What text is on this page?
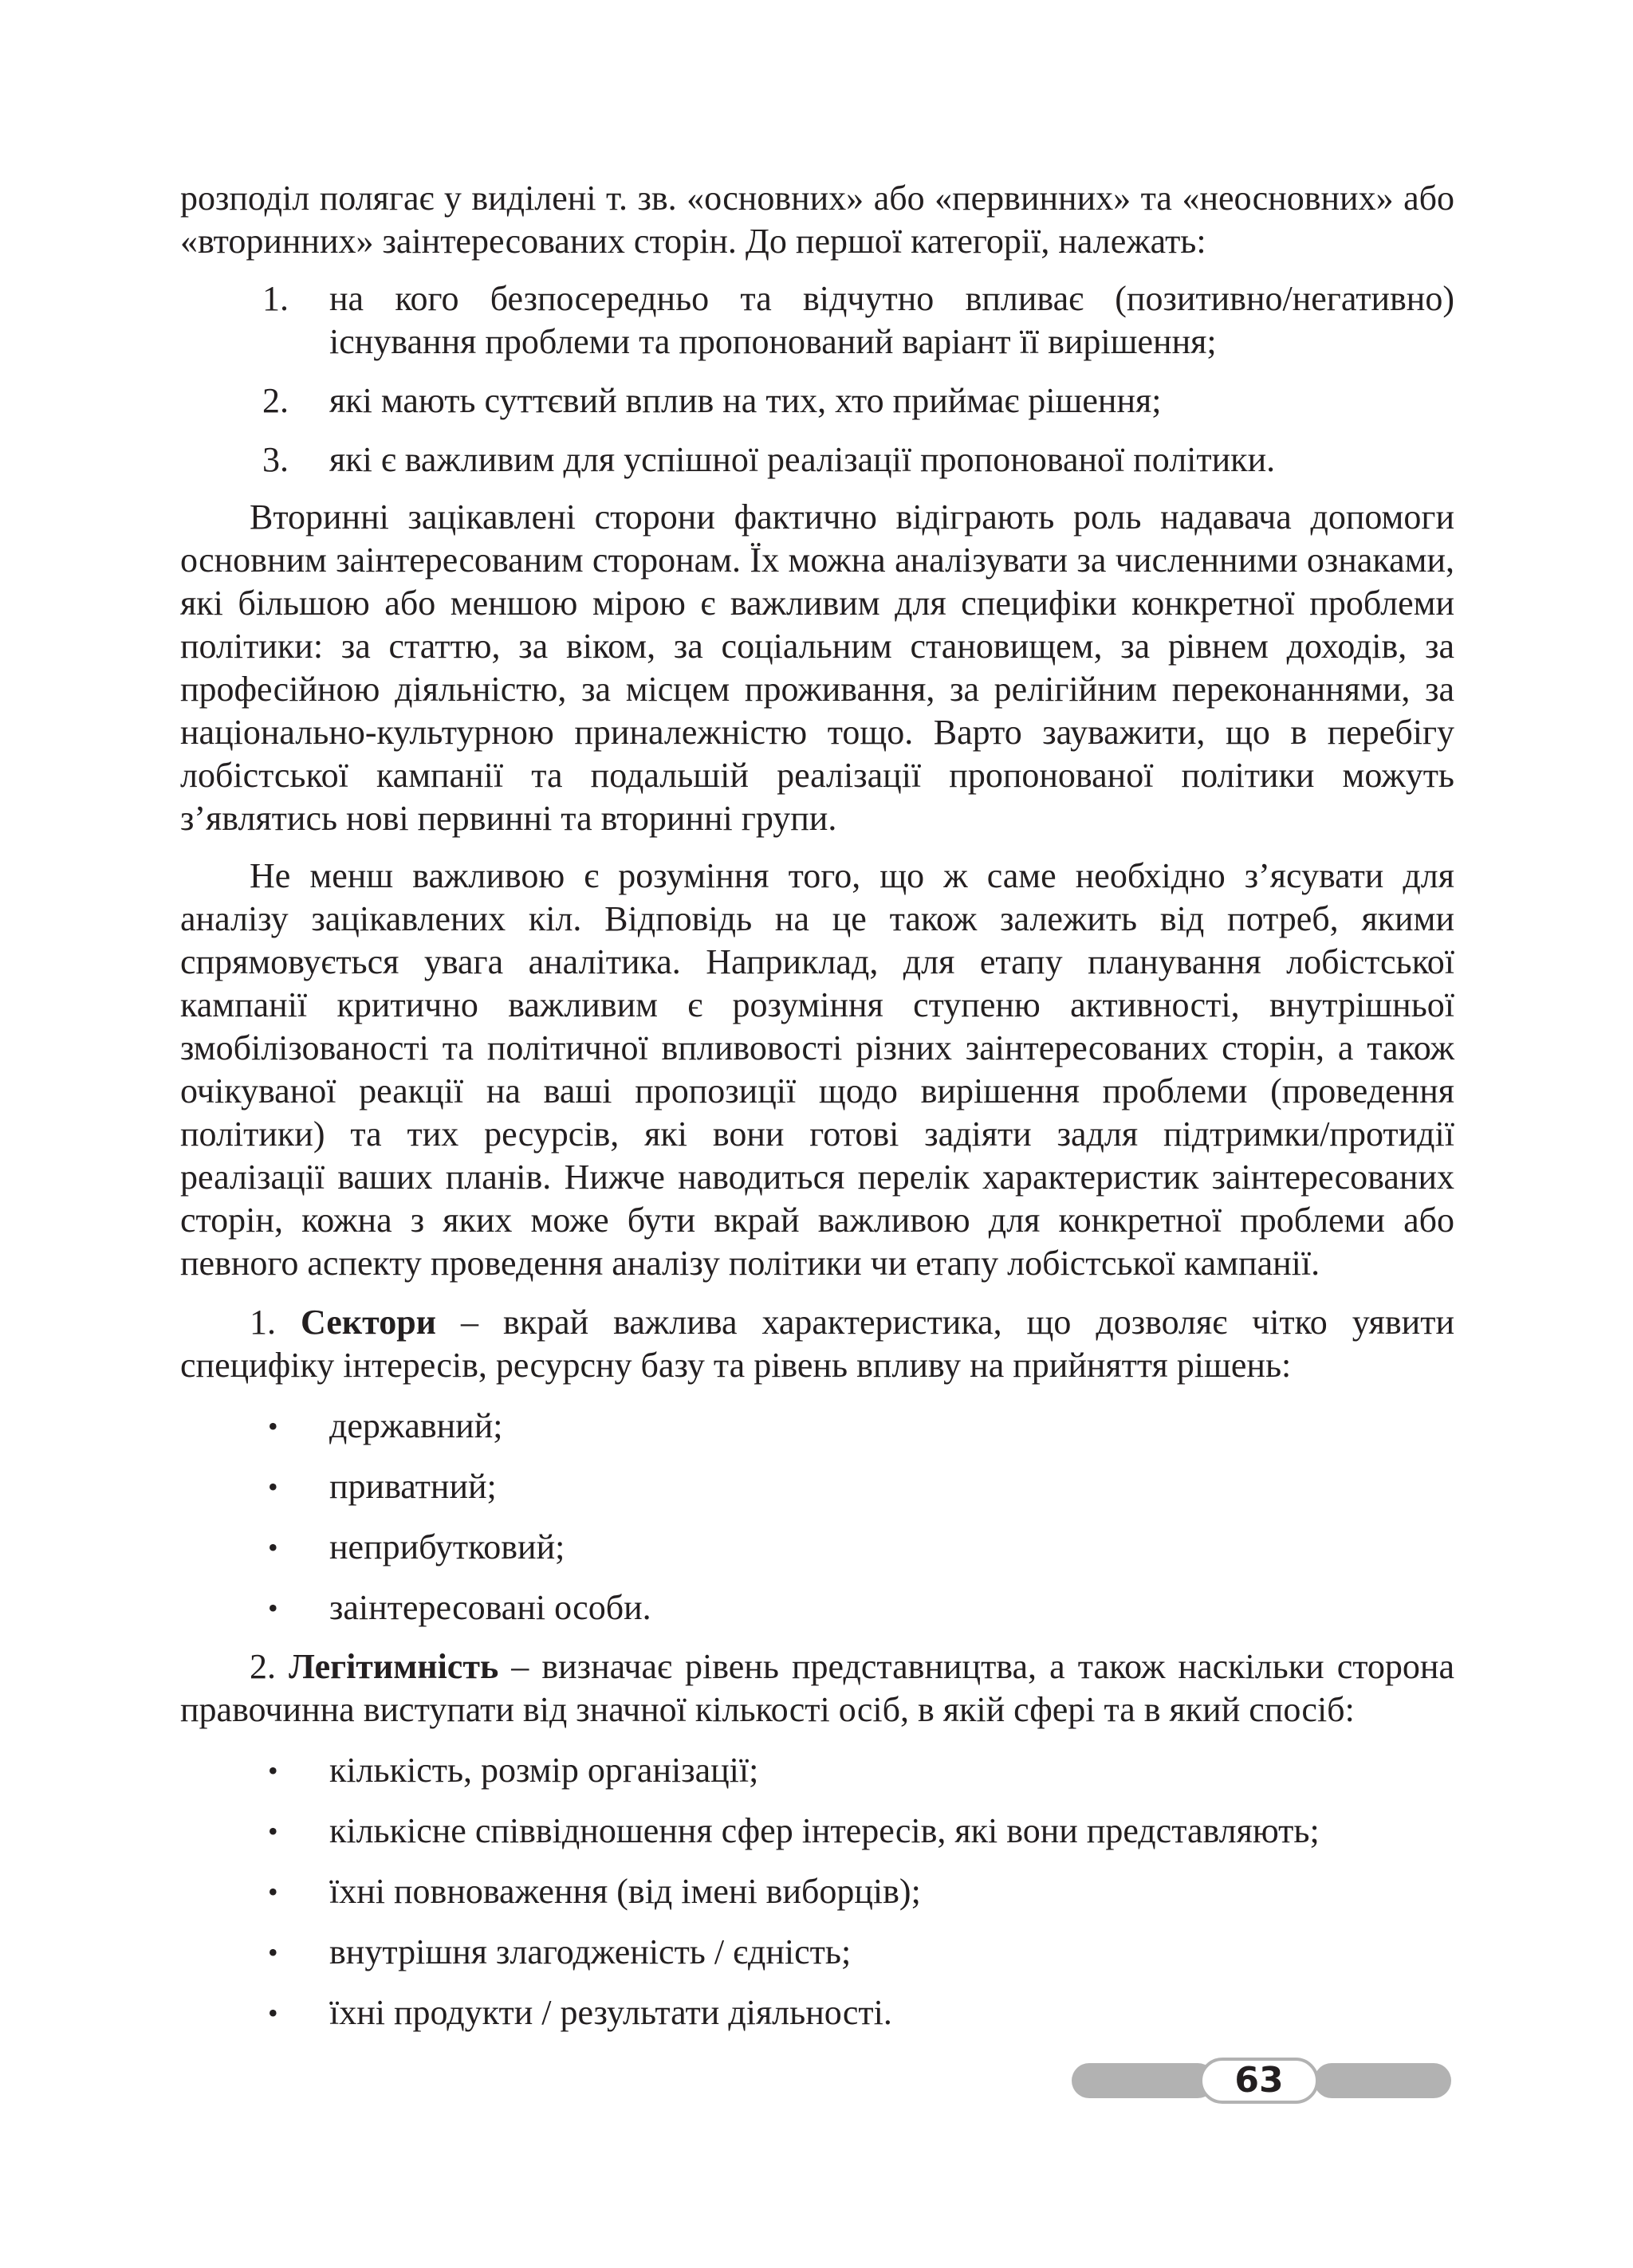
розподіл полягає у виділені т. зв. «основних» або «первинних» та «неосновних» або «вторинних» заінтересованих сторін. До першої категорії, належать:

1. на кого безпосередньо та відчутно впливає (позитивно/негативно) існування проблеми та пропонований варіант її вирішення;
2. які мають суттєвий вплив на тих, хто приймає рішення;
3. які є важливим для успішної реалізації пропонованої політики.

Вторинні зацікавлені сторони фактично відіграють роль надавача допомоги основним заінтересованим сторонам. Їх можна аналізувати за численними ознаками, які більшою або меншою мірою є важливим для специфіки конкретної проблеми політики: за статтю, за віком, за соціальним становищем, за рівнем доходів, за професійною діяльністю, за місцем проживання, за релігійним переконаннями, за національно-культурною приналежністю тощо. Варто зауважити, що в перебігу лобістської кампанії та подальшій реалізації пропонованої політики можуть з’являтись нові первинні та вторинні групи.

Не менш важливою є розуміння того, що ж саме необхідно з’ясувати для аналізу зацікавлених кіл. Відповідь на це також залежить від потреб, якими спрямовується увага аналітика. Наприклад, для етапу планування лобістської кампанії критично важливим є розуміння ступеню активності, внутрішньої змобілізованості та політичної впливовості різних заінтересованих сторін, а також очікуваної реакції на ваші пропозиції щодо вирішення проблеми (проведення політики) та тих ресурсів, які вони готові задіяти задля підтримки/протидії реалізації ваших планів. Нижче наводиться перелік характеристик заінтересованих сторін, кожна з яких може бути вкрай важливою для конкретної проблеми або певного аспекту проведення аналізу політики чи етапу лобістської кампанії.

1. Сектори – вкрай важлива характеристика, що дозволяє чітко уявити специфіку інтересів, ресурсну базу та рівень впливу на прийняття рішень:

• державний;
• приватний;
• неприбутковий;
• заінтересовані особи.

2. Легітимність – визначає рівень представництва, а також наскільки сторона правочинна виступати від значної кількості осіб, в якій сфері та в який спосіб:

• кількість, розмір організації;
• кількісне співвідношення сфер інтересів, які вони представляють;
• їхні повноваження (від імені виборців);
• внутрішня злагодженість / єдність;
• їхні продукти / результати діяльності.
63
